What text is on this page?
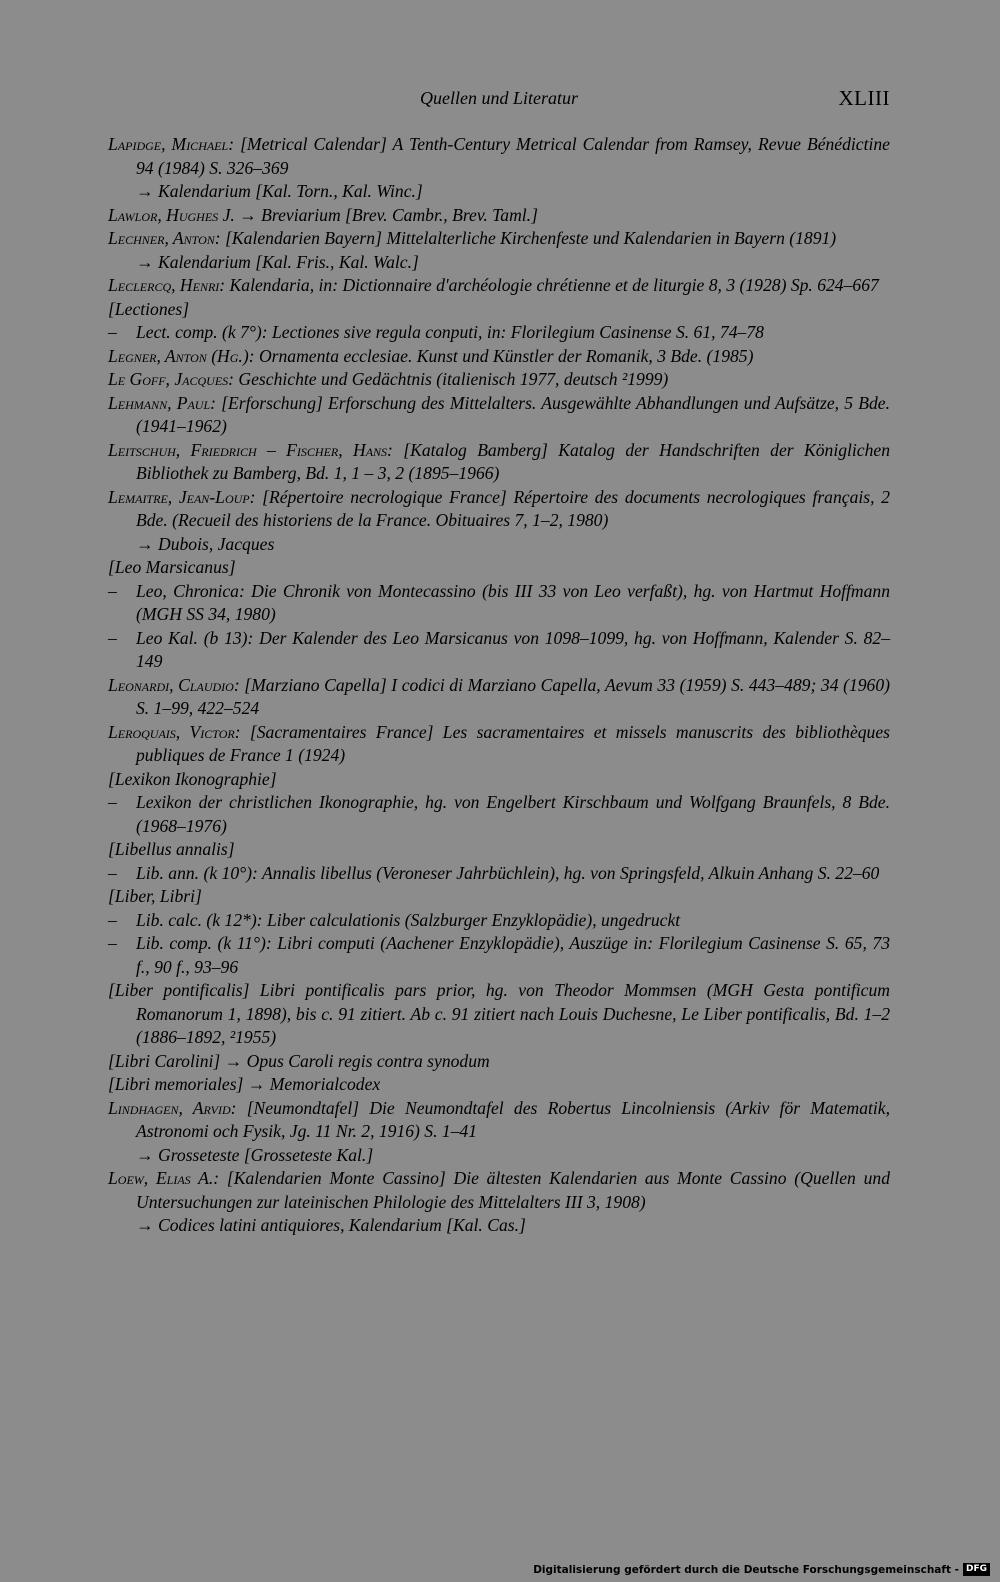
Quellen und Literatur	XLIII
Lapidge, Michael: [Metrical Calendar] A Tenth-Century Metrical Calendar from Ramsey, Revue Bénédictine 94 (1984) S. 326–369
→ Kalendarium [Kal. Torn., Kal. Winc.]
Lawlor, Hughes J. → Breviarium [Brev. Cambr., Brev. Taml.]
Lechner, Anton: [Kalendarien Bayern] Mittelalterliche Kirchenfeste und Kalendarien in Bayern (1891)
→ Kalendarium [Kal. Fris., Kal. Walc.]
Leclercq, Henri: Kalendaria, in: Dictionnaire d'archéologie chrétienne et de liturgie 8, 3 (1928) Sp. 624–667
[Lectiones]
– Lect. comp. (k 7°): Lectiones sive regula conputi, in: Florilegium Casinense S. 61, 74–78
Legner, Anton (Hg.): Ornamenta ecclesiae. Kunst und Künstler der Romanik, 3 Bde. (1985)
Le Goff, Jacques: Geschichte und Gedächtnis (italienisch 1977, deutsch ²1999)
Lehmann, Paul: [Erforschung] Erforschung des Mittelalters. Ausgewählte Abhandlungen und Aufsätze, 5 Bde. (1941–1962)
Leitschuh, Friedrich – Fischer, Hans: [Katalog Bamberg] Katalog der Handschriften der Königlichen Bibliothek zu Bamberg, Bd. 1, 1 – 3, 2 (1895–1966)
Lemaitre, Jean-Loup: [Répertoire necrologique France] Répertoire des documents necrologiques français, 2 Bde. (Recueil des historiens de la France. Obituaires 7, 1–2, 1980)
→ Dubois, Jacques
[Leo Marsicanus]
– Leo, Chronica: Die Chronik von Montecassino (bis III 33 von Leo verfaßt), hg. von Hartmut Hoffmann (MGH SS 34, 1980)
– Leo Kal. (b 13): Der Kalender des Leo Marsicanus von 1098–1099, hg. von Hoffmann, Kalender S. 82–149
Leonardi, Claudio: [Marziano Capella] I codici di Marziano Capella, Aevum 33 (1959) S. 443–489; 34 (1960) S. 1–99, 422–524
Leroquais, Victor: [Sacramentaires France] Les sacramentaires et missels manuscrits des bibliothèques publiques de France 1 (1924)
[Lexikon Ikonographie]
– Lexikon der christlichen Ikonographie, hg. von Engelbert Kirschbaum und Wolfgang Braunfels, 8 Bde. (1968–1976)
[Libellus annalis]
– Lib. ann. (k 10°): Annalis libellus (Veroneser Jahrbüchlein), hg. von Springsfeld, Alkuin Anhang S. 22–60
[Liber, Libri]
– Lib. calc. (k 12*): Liber calculationis (Salzburger Enzyklopädie), ungedruckt
– Lib. comp. (k 11°): Libri computi (Aachener Enzyklopädie), Auszüge in: Florilegium Casinense S. 65, 73 f., 90 f., 93–96
[Liber pontificalis] Libri pontificalis pars prior, hg. von Theodor Mommsen (MGH Gesta pontificum Romanorum 1, 1898), bis c. 91 zitiert. Ab c. 91 zitiert nach Louis Duchesne, Le Liber pontificalis, Bd. 1–2 (1886–1892, ²1955)
[Libri Carolini] → Opus Caroli regis contra synodum
[Libri memoriales] → Memorialcodex
Lindhagen, Arvid: [Neumondtafel] Die Neumondtafel des Robertus Lincolniensis (Arkiv för Matematik, Astronomi och Fysik, Jg. 11 Nr. 2, 1916) S. 1–41
→ Grosseteste [Grosseteste Kal.]
Loew, Elias A.: [Kalendarien Monte Cassino] Die ältesten Kalendarien aus Monte Cassino (Quellen und Untersuchungen zur lateinischen Philologie des Mittelalters III 3, 1908)
→ Codices latini antiquiores, Kalendarium [Kal. Cas.]
Digitalisierung gefördert durch die Deutsche Forschungsgemeinschaft - DFG
